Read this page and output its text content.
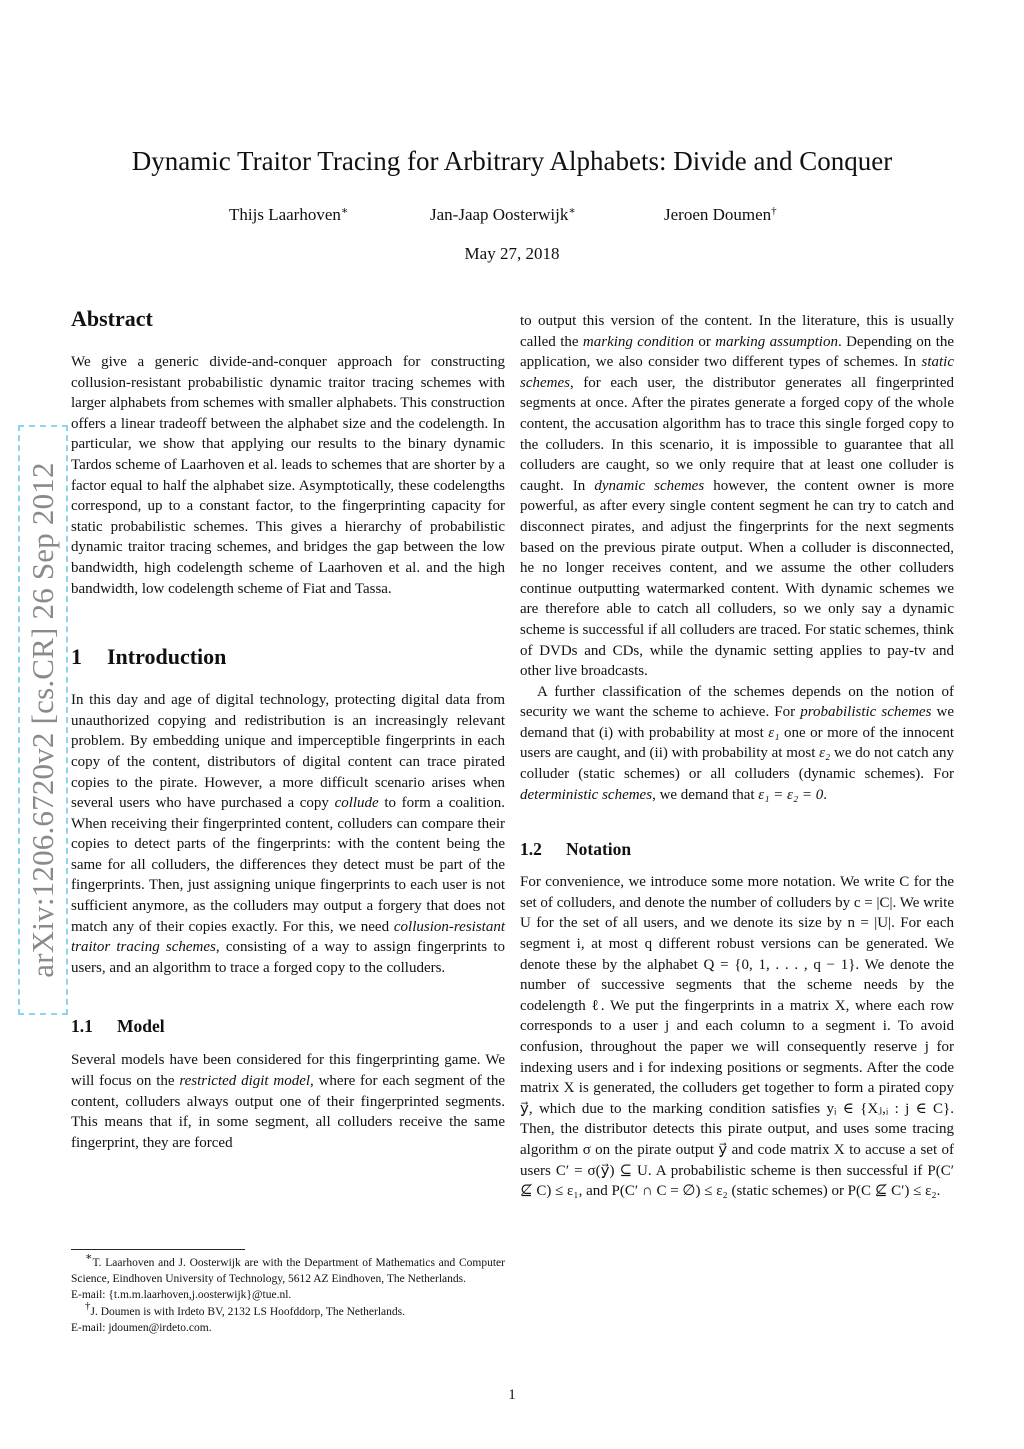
Dynamic Traitor Tracing for Arbitrary Alphabets: Divide and Conquer
Thijs Laarhoven∗	Jan-Jaap Oosterwijk∗	Jeroen Doumen†
May 27, 2018
arXiv:1206.6720v2 [cs.CR] 26 Sep 2012
Abstract

We give a generic divide-and-conquer approach for constructing collusion-resistant probabilistic dynamic traitor tracing schemes with larger alphabets from schemes with smaller alphabets. This construction offers a linear tradeoff between the alphabet size and the codelength. In particular, we show that applying our results to the binary dynamic Tardos scheme of Laarhoven et al. leads to schemes that are shorter by a factor equal to half the alphabet size. Asymptotically, these codelengths correspond, up to a constant factor, to the fingerprinting capacity for static probabilistic schemes. This gives a hierarchy of probabilistic dynamic traitor tracing schemes, and bridges the gap between the low bandwidth, high codelength scheme of Laarhoven et al. and the high bandwidth, low codelength scheme of Fiat and Tassa.

1 Introduction

In this day and age of digital technology, protecting digital data from unauthorized copying and redistribution is an increasingly relevant problem. By embedding unique and imperceptible fingerprints in each copy of the content, distributors of digital content can trace pirated copies to the pirate. However, a more difficult scenario arises when several users who have purchased a copy collude to form a coalition. When receiving their fingerprinted content, colluders can compare their copies to detect parts of the fingerprints: with the content being the same for all colluders, the differences they detect must be part of the fingerprints. Then, just assigning unique fingerprints to each user is not sufficient anymore, as the colluders may output a forgery that does not match any of their copies exactly. For this, we need collusion-resistant traitor tracing schemes, consisting of a way to assign fingerprints to users, and an algorithm to trace a forged copy to the colluders.

1.1 Model

Several models have been considered for this fingerprinting game. We will focus on the restricted digit model, where for each segment of the content, colluders always output one of their fingerprinted segments. This means that if, in some segment, all colluders receive the same fingerprint, they are forced

∗T. Laarhoven and J. Oosterwijk are with the Department of Mathematics and Computer Science, Eindhoven University of Technology, 5612 AZ Eindhoven, The Netherlands.

E-mail: {t.m.m.laarhoven,j.oosterwijk}@tue.nl.

†J. Doumen is with Irdeto BV, 2132 LS Hoofddorp, The Netherlands.

E-mail: jdoumen@irdeto.com.

to output this version of the content. In the literature, this is usually called the marking condition or marking assumption. Depending on the application, we also consider two different types of schemes. In static schemes, for each user, the distributor generates all fingerprinted segments at once. After the pirates generate a forged copy of the whole content, the accusation algorithm has to trace this single forged copy to the colluders. In this scenario, it is impossible to guarantee that all colluders are caught, so we only require that at least one colluder is caught. In dynamic schemes however, the content owner is more powerful, as after every single content segment he can try to catch and disconnect pirates, and adjust the fingerprints for the next segments based on the previous pirate output. When a colluder is disconnected, he no longer receives content, and we assume the other colluders continue outputting watermarked content. With dynamic schemes we are therefore able to catch all colluders, so we only say a dynamic scheme is successful if all colluders are traced. For static schemes, think of DVDs and CDs, while the dynamic setting applies to pay-tv and other live broadcasts.

A further classification of the schemes depends on the notion of security we want the scheme to achieve. For probabilistic schemes we demand that (i) with probability at most ε₁ one or more of the innocent users are caught, and (ii) with probability at most ε₂ we do not catch any colluder (static schemes) or all colluders (dynamic schemes). For deterministic schemes, we demand that ε₁ = ε₂ = 0.

1.2 Notation

For convenience, we introduce some more notation. We write C for the set of colluders, and denote the number of colluders by c = |C|. We write U for the set of all users, and we denote its size by n = |U|. For each segment i, at most q different robust versions can be generated. We denote these by the alphabet Q = {0, 1, . . . , q − 1}. We denote the number of successive segments that the scheme needs by the codelength ℓ. We put the fingerprints in a matrix X, where each row corresponds to a user j and each column to a segment i. To avoid confusion, throughout the paper we will consequently reserve j for indexing users and i for indexing positions or segments. After the code matrix X is generated, the colluders get together to form a pirated copy y⃗, which due to the marking condition satisfies yᵢ ∈ {Xⱼ,ᵢ : j ∈ C}. Then, the distributor detects this pirate output, and uses some tracing algorithm σ on the pirate output y⃗ and code matrix X to accuse a set of users C′ = σ(y⃗) ⊆ U. A probabilistic scheme is then successful if P(C′ ⊈ C) ≤ ε₁, and P(C′ ∩ C = ∅) ≤ ε₂ (static schemes) or P(C ⊈ C′) ≤ ε₂.

1
